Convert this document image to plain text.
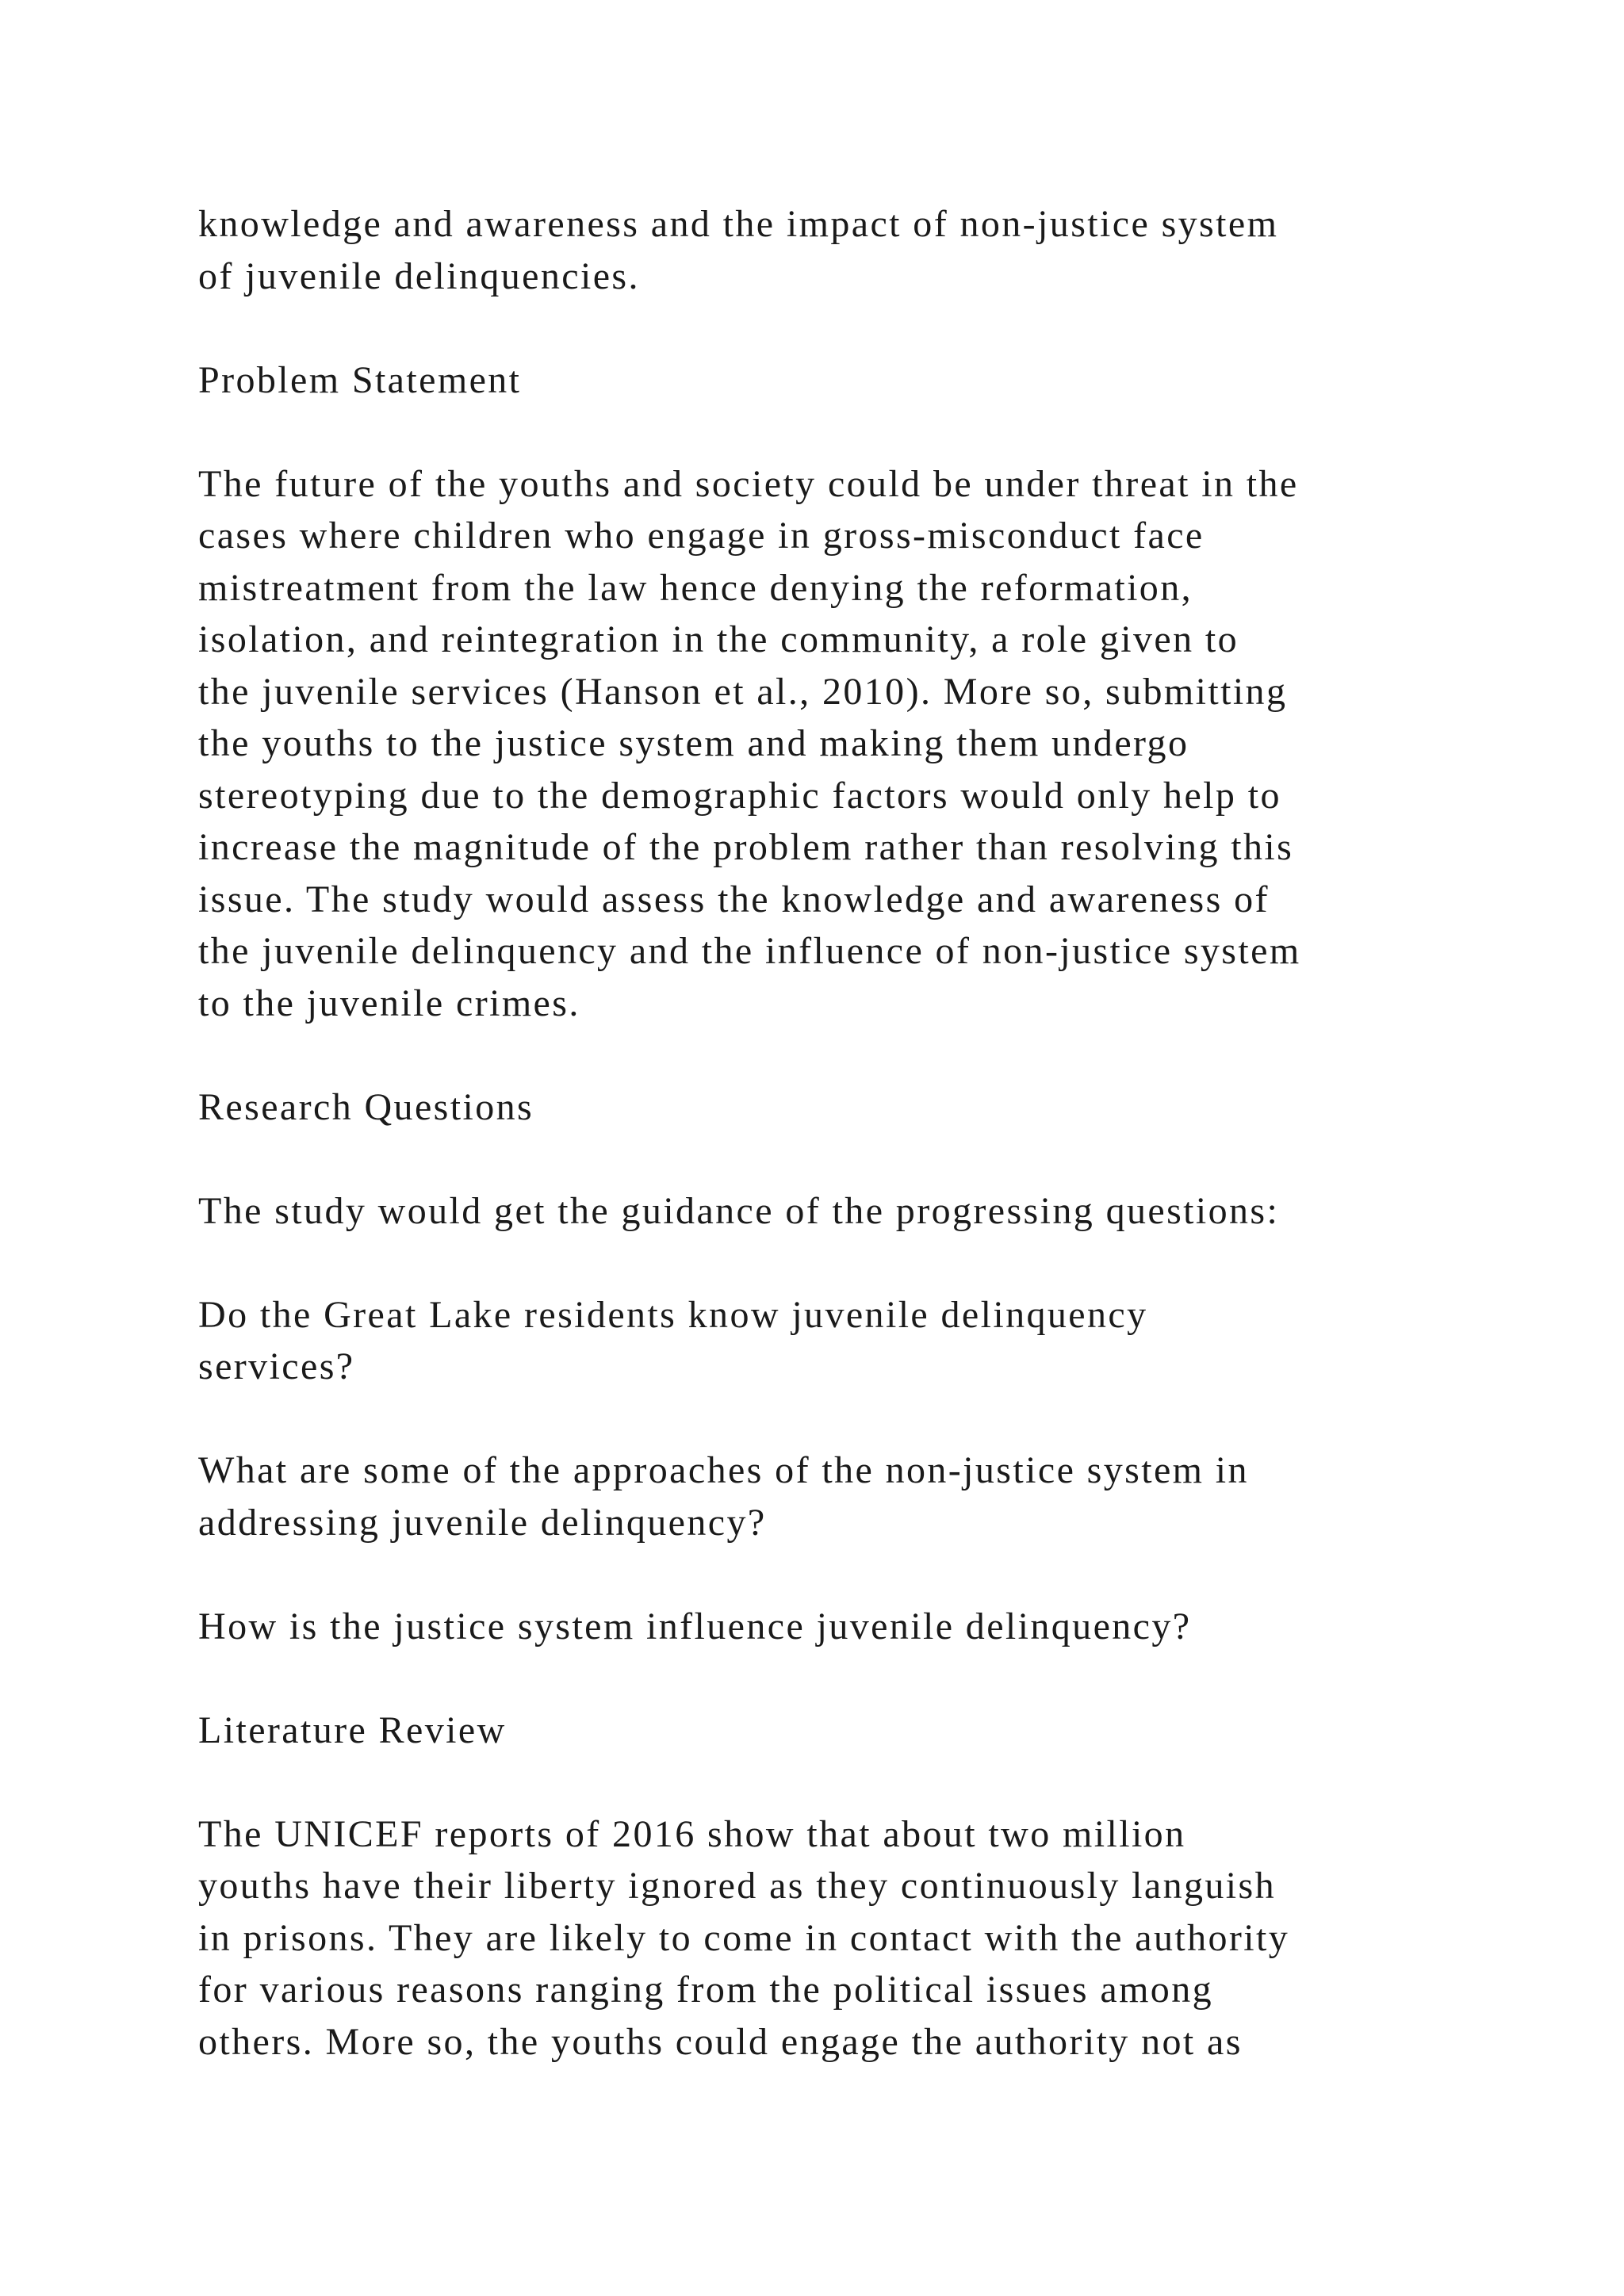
knowledge and awareness and the impact of non-justice system
of juvenile delinquencies.

Problem Statement

The future of the youths and society could be under threat in the
cases where children who engage in gross-misconduct face
mistreatment from the law hence denying the reformation,
isolation, and reintegration in the community, a role given to
the juvenile services (Hanson et al., 2010). More so, submitting
the youths to the justice system and making them undergo
stereotyping due to the demographic factors would only help to
increase the magnitude of the problem rather than resolving this
issue. The study would assess the knowledge and awareness of
the juvenile delinquency and the influence of non-justice system
to the juvenile crimes.

Research Questions

The study would get the guidance of the progressing questions:

Do the Great Lake residents know juvenile delinquency
services?

What are some of the approaches of the non-justice system in
addressing juvenile delinquency?

How is the justice system influence juvenile delinquency?

Literature Review

The UNICEF reports of 2016 show that about two million
youths have their liberty ignored as they continuously languish
in prisons. They are likely to come in contact with the authority
for various reasons ranging from the political issues among
others. More so, the youths could engage the authority not as
